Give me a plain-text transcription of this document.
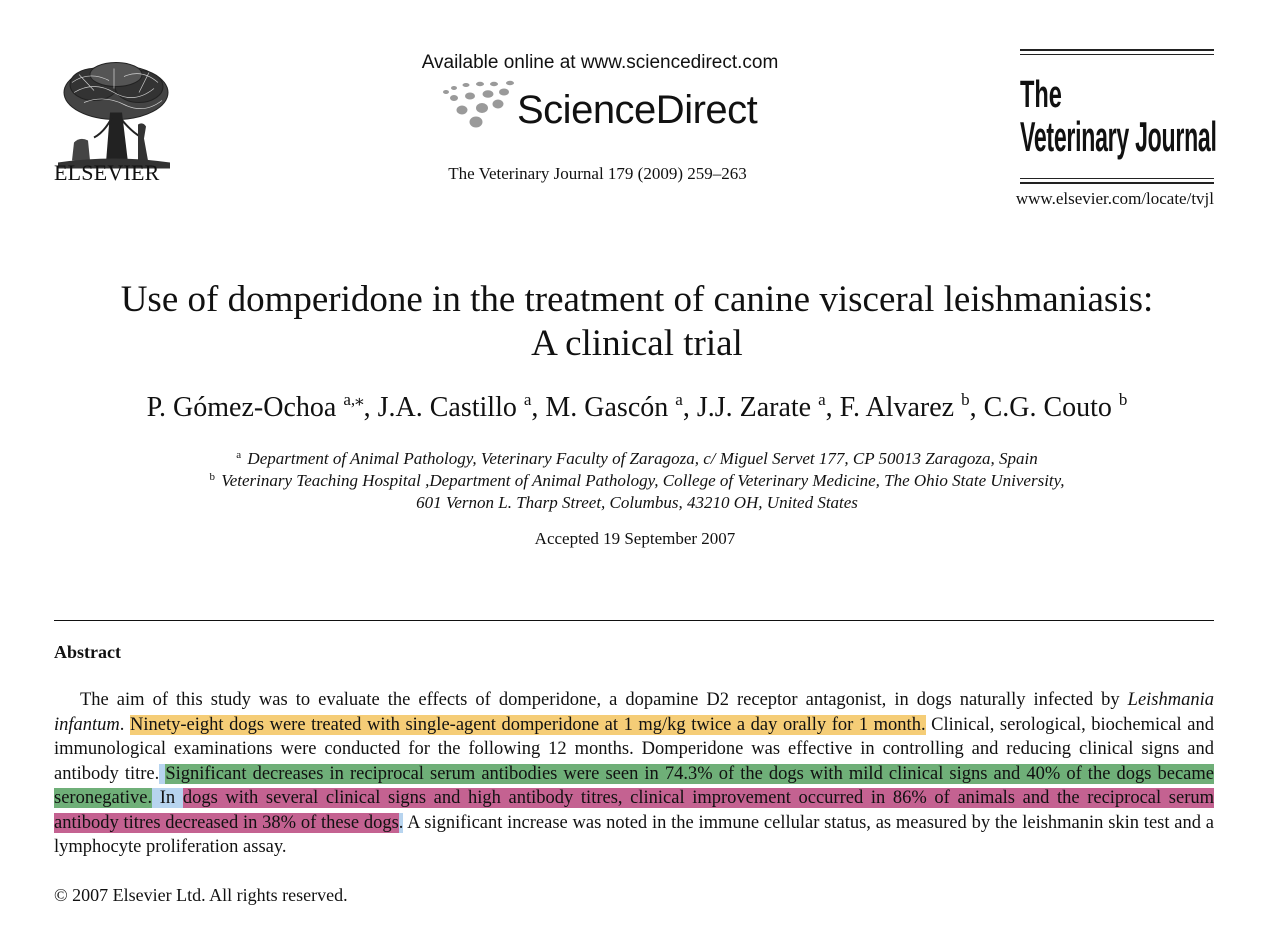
ELSEVIER
Available online at www.sciencedirect.com
ScienceDirect
The Veterinary Journal 179 (2009) 259–263
The
Veterinary Journal
www.elsevier.com/locate/tvjl
Use of domperidone in the treatment of canine visceral leishmaniasis:
A clinical trial
P. Gómez-Ochoa $^{a,⁎}$, J.A. Castillo $^a$, M. Gascón $^a$, J.J. Zarate $^a$, F. Alvarez $^b$, C.G. Couto $^b$
$^a$ Department of Animal Pathology, Veterinary Faculty of Zaragoza, c/ Miguel Servet 177, CP 50013 Zaragoza, Spain
$^b$ Veterinary Teaching Hospital ,Department of Animal Pathology, College of Veterinary Medicine, The Ohio State University,
601 Vernon L. Tharp Street, Columbus, 43210 OH, United States
Accepted 19 September 2007
Abstract
The aim of this study was to evaluate the effects of domperidone, a dopamine D2 receptor antagonist, in dogs naturally infected by Leishmania infantum. Ninety-eight dogs were treated with single-agent domperidone at 1 mg/kg twice a day orally for 1 month. Clinical, serological, biochemical and immunological examinations were conducted for the following 12 months. Domperidone was effective in controlling and reducing clinical signs and antibody titre. Significant decreases in reciprocal serum antibodies were seen in 74.3% of the dogs with mild clinical signs and 40% of the dogs became seronegative. In dogs with several clinical signs and high antibody titres, clinical improvement occurred in 86% of animals and the reciprocal serum antibody titres decreased in 38% of these dogs. A significant increase was noted in the immune cellular status, as measured by the leishmanin skin test and a lymphocyte proliferation assay.
© 2007 Elsevier Ltd. All rights reserved.
